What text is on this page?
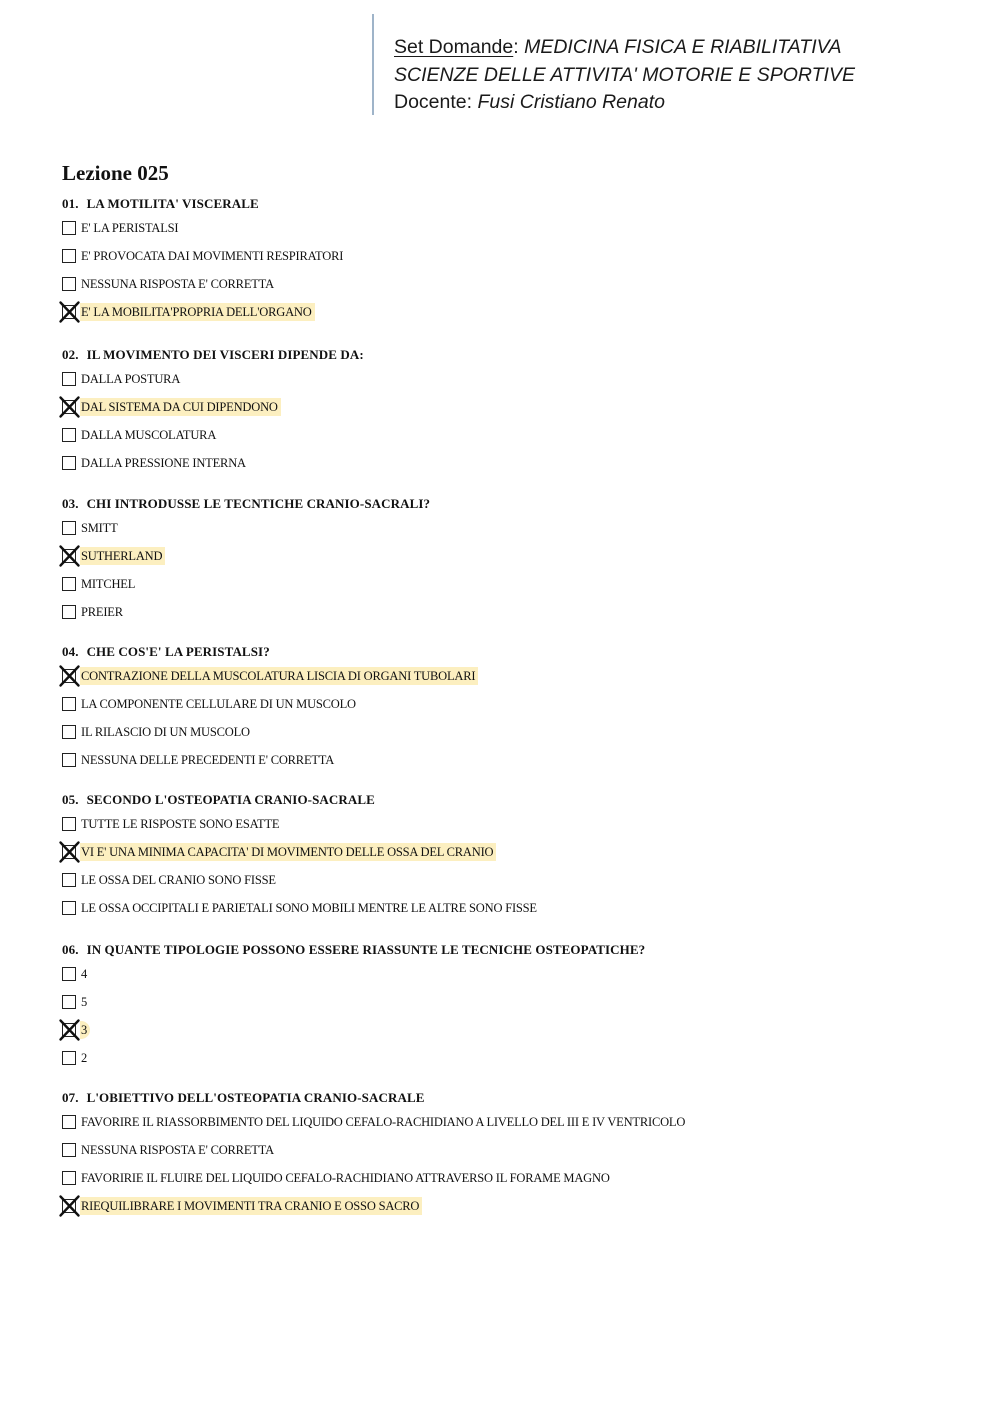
Set Domande: MEDICINA FISICA E RIABILITATIVA
SCIENZE DELLE ATTIVITA' MOTORIE E SPORTIVE
Docente: Fusi Cristiano Renato
Lezione 025
01. LA MOTILITA' VISCERALE
E' LA PERISTALSI
E' PROVOCATA DAI MOVIMENTI RESPIRATORI
NESSUNA RISPOSTA E' CORRETTA
E' LA MOBILITA'PROPRIA DELL'ORGANO
02. IL MOVIMENTO DEI VISCERI DIPENDE DA:
DALLA POSTURA
DAL SISTEMA DA CUI DIPENDONO
DALLA MUSCOLATURA
DALLA PRESSIONE INTERNA
03. CHI INTRODUSSE LE TECNTICHE CRANIO-SACRALI?
SMITT
SUTHERLAND
MITCHEL
PREIER
04. CHE COS'E' LA PERISTALSI?
CONTRAZIONE DELLA MUSCOLATURA LISCIA DI ORGANI TUBOLARI
LA COMPONENTE CELLULARE DI UN MUSCOLO
IL RILASCIO DI UN MUSCOLO
NESSUNA DELLE PRECEDENTI E' CORRETTA
05. SECONDO L'OSTEOPATIA CRANIO-SACRALE
TUTTE LE RISPOSTE SONO ESATTE
VI E' UNA MINIMA CAPACITA' DI MOVIMENTO DELLE OSSA DEL CRANIO
LE OSSA DEL CRANIO SONO FISSE
LE OSSA OCCIPITALI E PARIETALI SONO MOBILI MENTRE LE ALTRE SONO FISSE
06. IN QUANTE TIPOLOGIE POSSONO ESSERE RIASSUNTE LE TECNICHE OSTEOPATICHE?
4
5
3
2
07. L'OBIETTIVO DELL'OSTEOPATIA CRANIO-SACRALE
FAVORIRE IL RIASSORBIMENTO DEL LIQUIDO CEFALO-RACHIDIANO A LIVELLO DEL III E IV VENTRICOLO
NESSUNA RISPOSTA E' CORRETTA
FAVORIRIE IL FLUIRE DEL LIQUIDO CEFALO-RACHIDIANO ATTRAVERSO IL FORAME MAGNO
RIEQUILIBRARE I MOVIMENTI TRA CRANIO E OSSO SACRO
